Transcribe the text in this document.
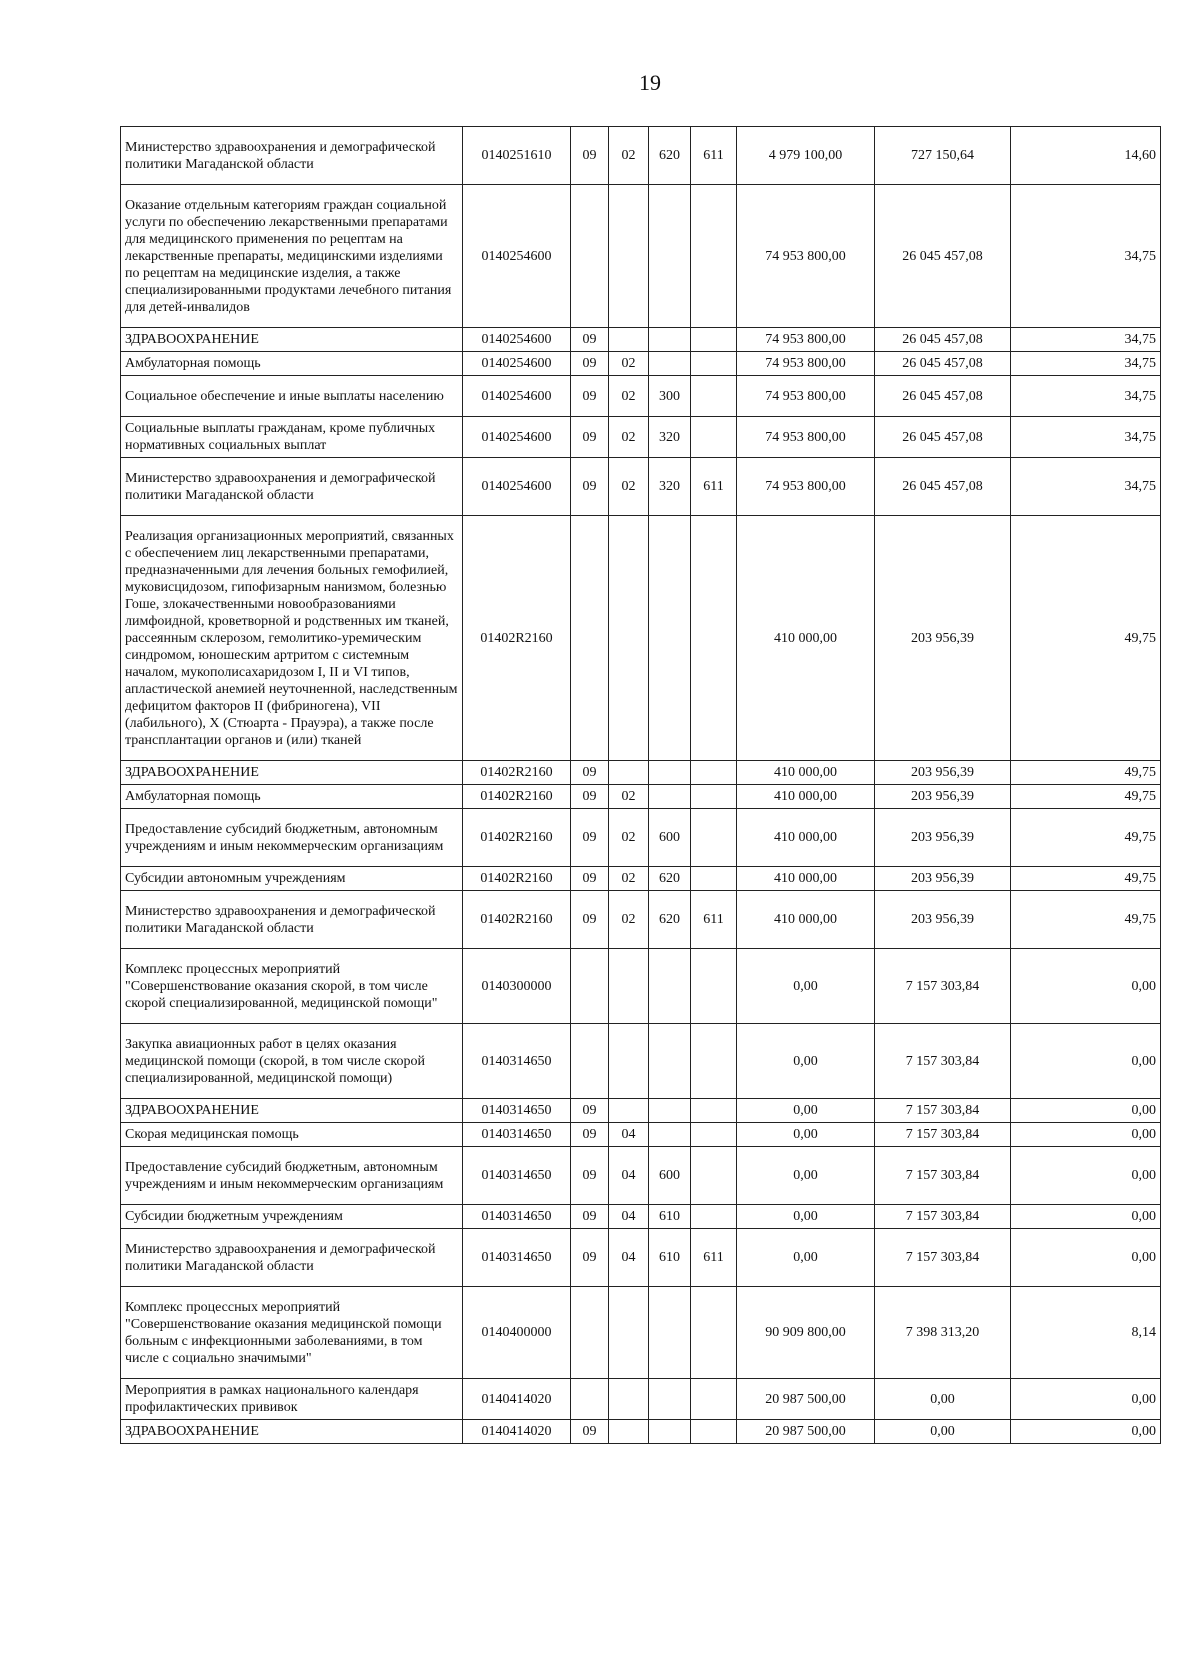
19
Министерство здравоохранения и демографической политики Магаданской области	0140251610	09	02	620	611	4 979 100,00	727 150,64	14,60
Оказание отдельным категориям граждан социальной услуги по обеспечению лекарственными препаратами для медицинского применения по рецептам на лекарственные препараты, медицинскими изделиями по рецептам на медицинские изделия, а также специализированными продуктами лечебного питания для детей-инвалидов	0140254600					74 953 800,00	26 045 457,08	34,75
ЗДРАВООХРАНЕНИЕ	0140254600	09				74 953 800,00	26 045 457,08	34,75
Амбулаторная помощь	0140254600	09	02			74 953 800,00	26 045 457,08	34,75
Социальное обеспечение и иные выплаты населению	0140254600	09	02	300		74 953 800,00	26 045 457,08	34,75
Социальные выплаты гражданам, кроме публичных нормативных социальных выплат	0140254600	09	02	320		74 953 800,00	26 045 457,08	34,75
Министерство здравоохранения и демографической политики Магаданской области	0140254600	09	02	320	611	74 953 800,00	26 045 457,08	34,75
Реализация организационных мероприятий, связанных с обеспечением лиц лекарственными препаратами, предназначенными для лечения больных гемофилией, муковисцидозом, гипофизарным нанизмом, болезнью Гоше, злокачественными новообразованиями лимфоидной, кроветворной и родственных им тканей, рассеянным склерозом, гемолитико-уремическим синдромом, юношеским артритом с системным началом, мукополисахаридозом I, II и VI типов, апластической анемией неуточненной, наследственным дефицитом факторов II (фибриногена), VII (лабильного), X (Стюарта - Прауэра), а также после трансплантации органов и (или) тканей	01402R2160					410 000,00	203 956,39	49,75
ЗДРАВООХРАНЕНИЕ	01402R2160	09				410 000,00	203 956,39	49,75
Амбулаторная помощь	01402R2160	09	02			410 000,00	203 956,39	49,75
Предоставление субсидий бюджетным, автономным учреждениям и иным некоммерческим организациям	01402R2160	09	02	600		410 000,00	203 956,39	49,75
Субсидии автономным учреждениям	01402R2160	09	02	620		410 000,00	203 956,39	49,75
Министерство здравоохранения и демографической политики Магаданской области	01402R2160	09	02	620	611	410 000,00	203 956,39	49,75
Комплекс процессных мероприятий "Совершенствование оказания скорой, в том числе скорой специализированной, медицинской помощи"	0140300000					0,00	7 157 303,84	0,00
Закупка авиационных работ в целях оказания медицинской помощи (скорой, в том числе скорой специализированной, медицинской помощи)	0140314650					0,00	7 157 303,84	0,00
ЗДРАВООХРАНЕНИЕ	0140314650	09				0,00	7 157 303,84	0,00
Скорая медицинская помощь	0140314650	09	04			0,00	7 157 303,84	0,00
Предоставление субсидий бюджетным, автономным учреждениям и иным некоммерческим организациям	0140314650	09	04	600		0,00	7 157 303,84	0,00
Субсидии бюджетным учреждениям	0140314650	09	04	610		0,00	7 157 303,84	0,00
Министерство здравоохранения и демографической политики Магаданской области	0140314650	09	04	610	611	0,00	7 157 303,84	0,00
Комплекс процессных мероприятий "Совершенствование оказания медицинской помощи больным с инфекционными заболеваниями, в том числе с социально значимыми"	0140400000					90 909 800,00	7 398 313,20	8,14
Мероприятия в рамках национального календаря профилактических прививок	0140414020					20 987 500,00	0,00	0,00
ЗДРАВООХРАНЕНИЕ	0140414020	09				20 987 500,00	0,00	0,00
